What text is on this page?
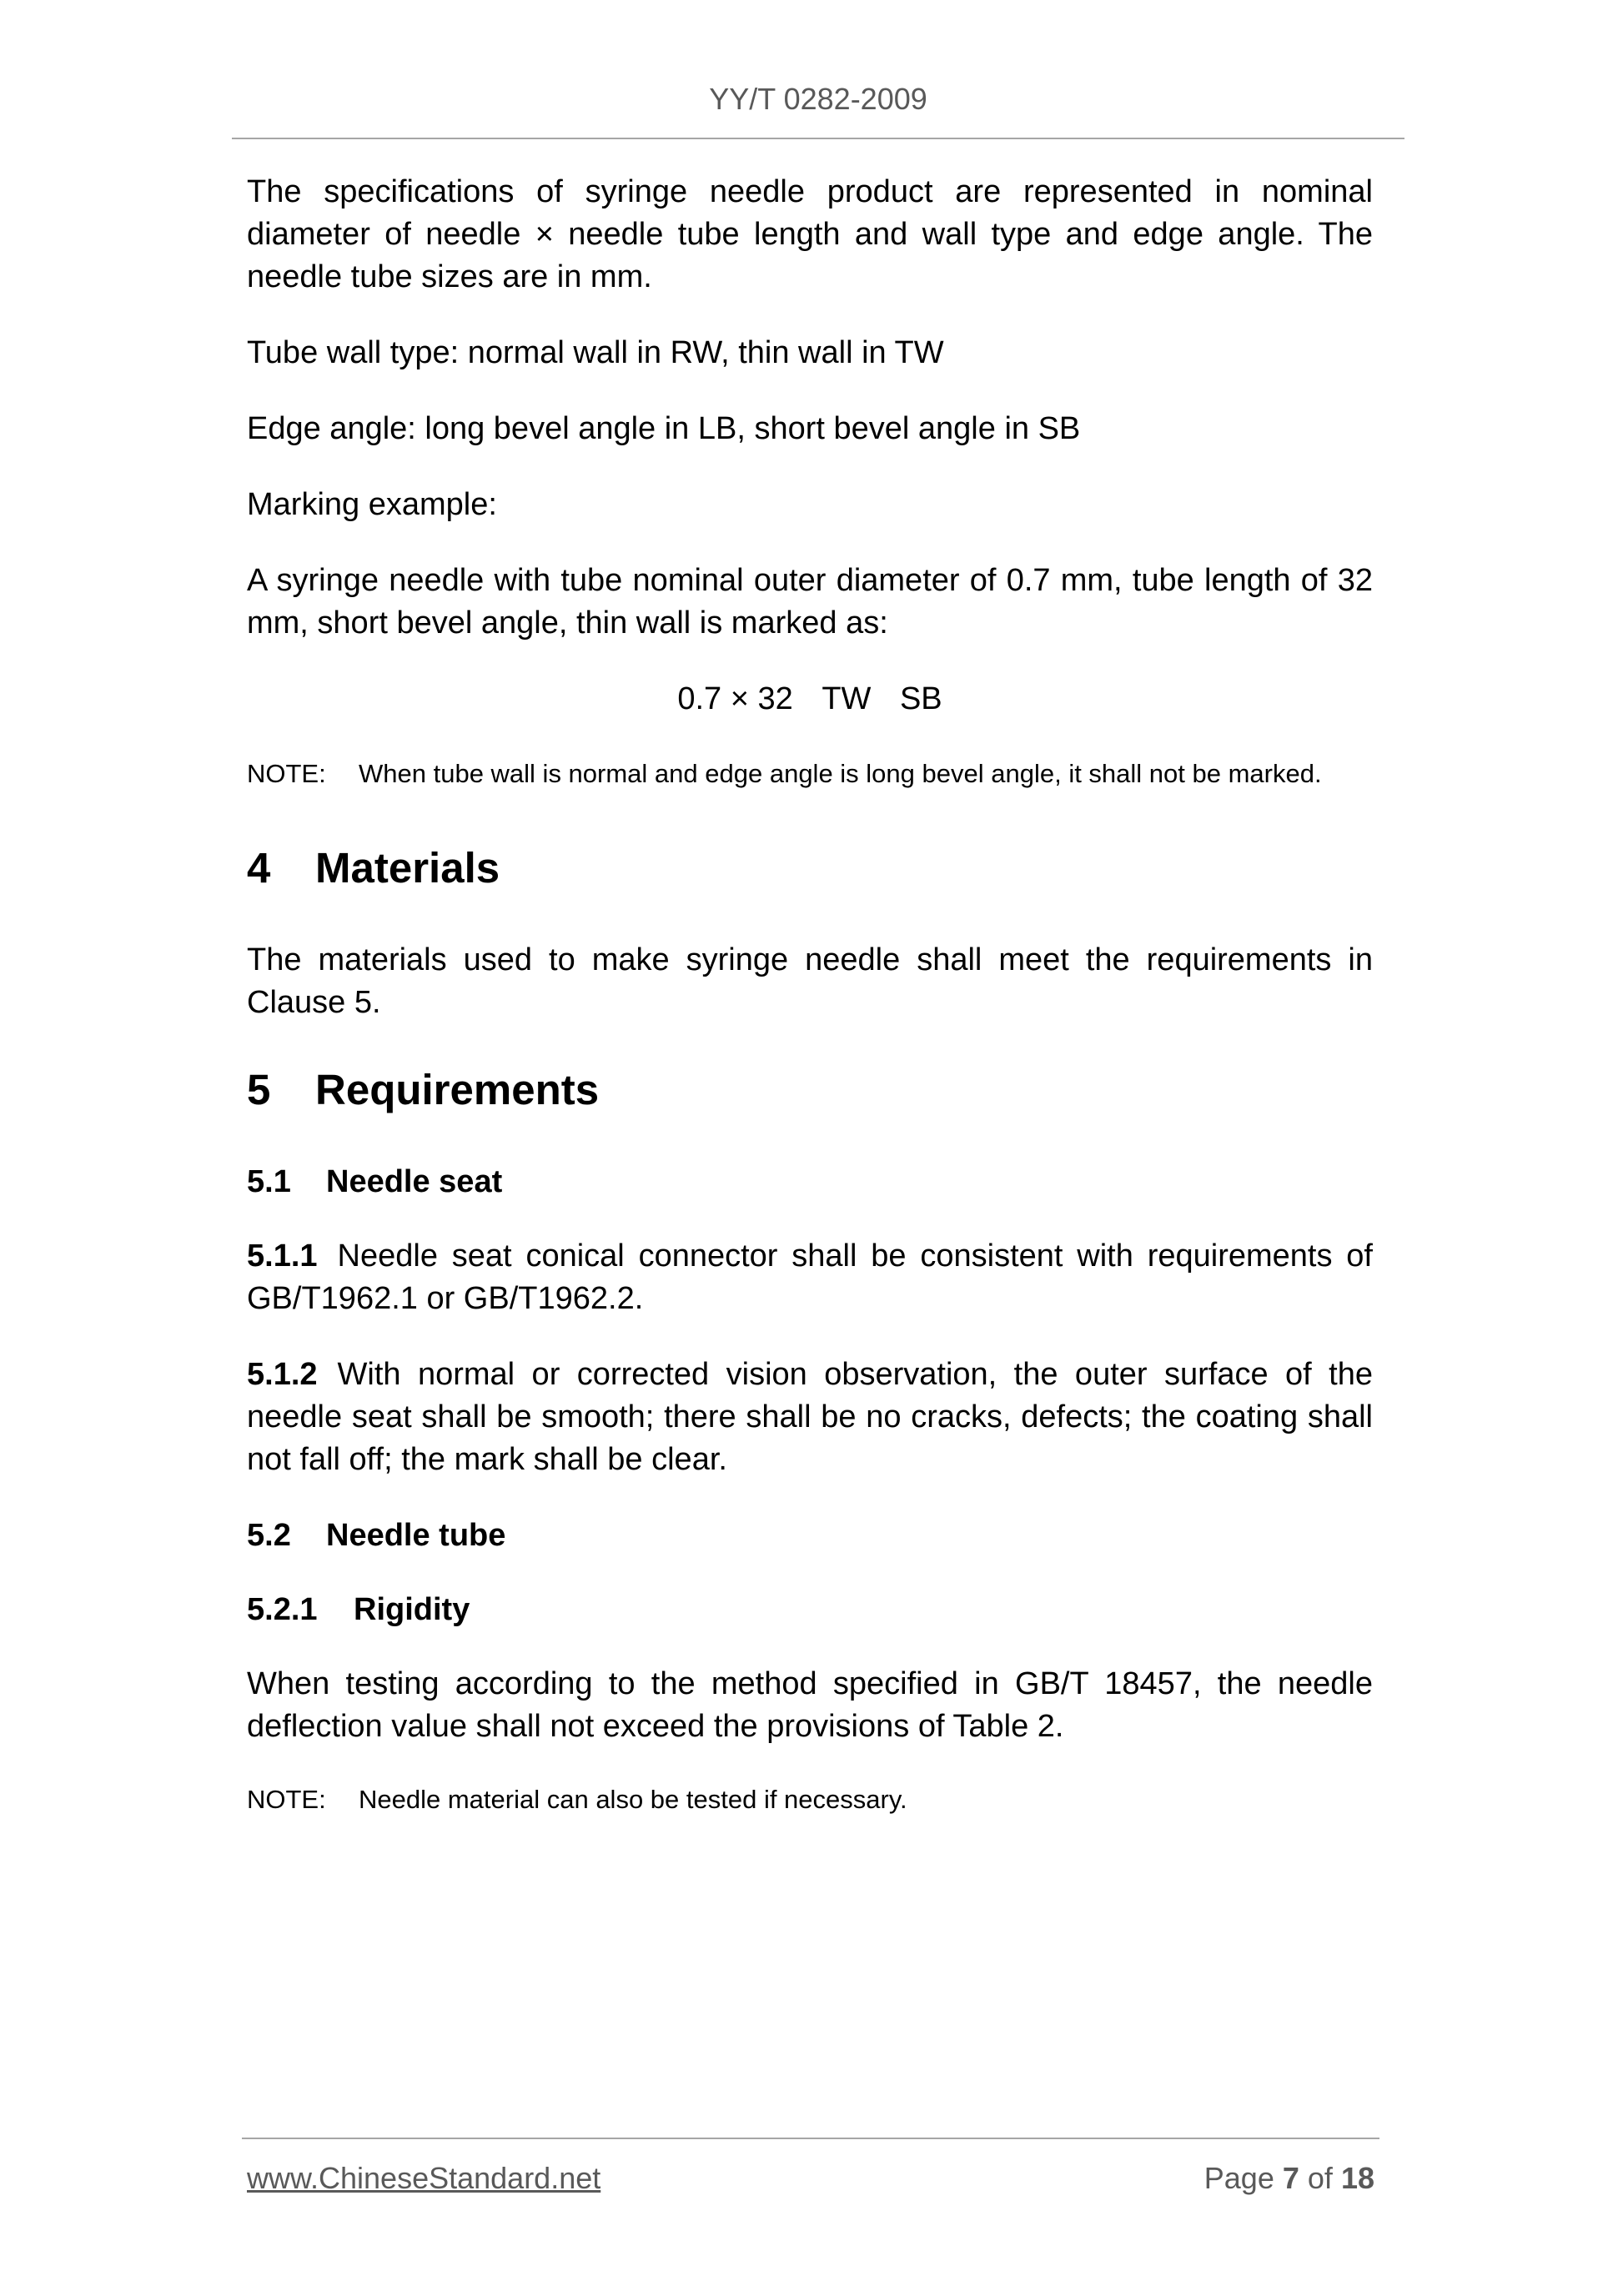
YY/T 0282-2009

The specifications of syringe needle product are represented in nominal diameter of needle × needle tube length and wall type and edge angle. The needle tube sizes are in mm.

Tube wall type: normal wall in RW, thin wall in TW

Edge angle: long bevel angle in LB, short bevel angle in SB

Marking example:

A syringe needle with tube nominal outer diameter of 0.7 mm, tube length of 32 mm, short bevel angle, thin wall is marked as:

0.7 × 32 TW SB
NOTE:	When tube wall is normal and edge angle is long bevel angle, it shall not be marked.
4	Materials

The materials used to make syringe needle shall meet the requirements in Clause 5.

5	Requirements
5.1	Needle seat

5.1.1 Needle seat conical connector shall be consistent with requirements of GB/T1962.1 or GB/T1962.2.

5.1.2 With normal or corrected vision observation, the outer surface of the needle seat shall be smooth; there shall be no cracks, defects; the coating shall not fall off; the mark shall be clear.

5.2	Needle tube
5.2.1	Rigidity

When testing according to the method specified in GB/T 18457, the needle deflection value shall not exceed the provisions of Table 2.

NOTE:	Needle material can also be tested if necessary.
www.ChineseStandard.net	Page 7 of 18
